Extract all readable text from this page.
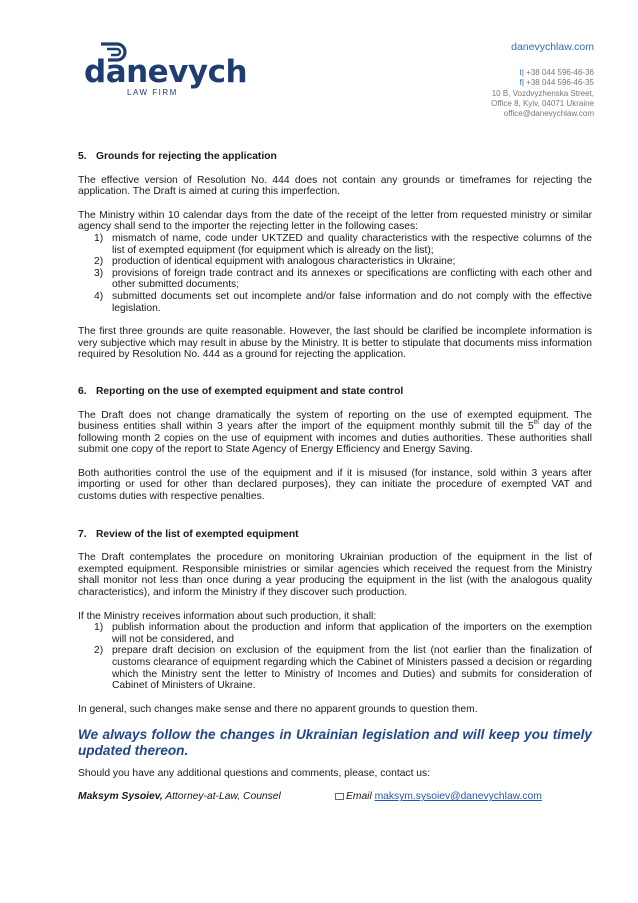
danevych
LAW FIRM
danevychlaw.com
t| +38 044 596-46-36
f| +38 044 596-46-35
10 B, Vozdvyzhenska Street,
Office 8, Kyiv, 04071 Ukraine
office@danevychlaw.com

5. Grounds for rejecting the application

The effective version of Resolution No. 444 does not contain any grounds or timeframes for rejecting the application. The Draft is aimed at curing this imperfection.

The Ministry within 10 calendar days from the date of the receipt of the letter from requested ministry or similar agency shall send to the importer the rejecting letter in the following cases:

1) mismatch of name, code under UKTZED and quality characteristics with the respective columns of the list of exempted equipment (for equipment which is already on the list);
2) production of identical equipment with analogous characteristics in Ukraine;
3) provisions of foreign trade contract and its annexes or specifications are conflicting with each other and other submitted documents;
4) submitted documents set out incomplete and/or false information and do not comply with the effective legislation.

The first three grounds are quite reasonable. However, the last should be clarified be incomplete information is very subjective which may result in abuse by the Ministry. It is better to stipulate that documents miss information required by Resolution No. 444 as a ground for rejecting the application.

6. Reporting on the use of exempted equipment and state control

The Draft does not change dramatically the system of reporting on the use of exempted equipment. The business entities shall within 3 years after the import of the equipment monthly submit till the 5th day of the following month 2 copies on the use of equipment with incomes and duties authorities. These authorities shall submit one copy of the report to State Agency of Energy Efficiency and Energy Saving.

Both authorities control the use of the equipment and if it is misused (for instance, sold within 3 years after importing or used for other than declared purposes), they can initiate the procedure of exempted VAT and customs duties with respective penalties.

7. Review of the list of exempted equipment

The Draft contemplates the procedure on monitoring Ukrainian production of the equipment in the list of exempted equipment. Responsible ministries or similar agencies which received the request from the Ministry shall monitor not less than once during a year producing the equipment in the list (with the analogous quality characteristics), and inform the Ministry if they discover such production.

If the Ministry receives information about such production, it shall:

1) publish information about the production and inform that application of the importers on the exemption will not be considered, and
2) prepare draft decision on exclusion of the equipment from the list (not earlier than the finalization of customs clearance of equipment regarding which the Cabinet of Ministers passed a decision or regarding which the Ministry sent the letter to Ministry of Incomes and Duties) and submits for consideration of Cabinet of Ministers of Ukraine.

In general, such changes make sense and there no apparent grounds to question them.

We always follow the changes in Ukrainian legislation and will keep you timely updated thereon.

Should you have any additional questions and comments, please, contact us:

Maksym Sysoiev, Attorney-at-Law, Counsel	Email maksym.sysoiev@danevychlaw.com
